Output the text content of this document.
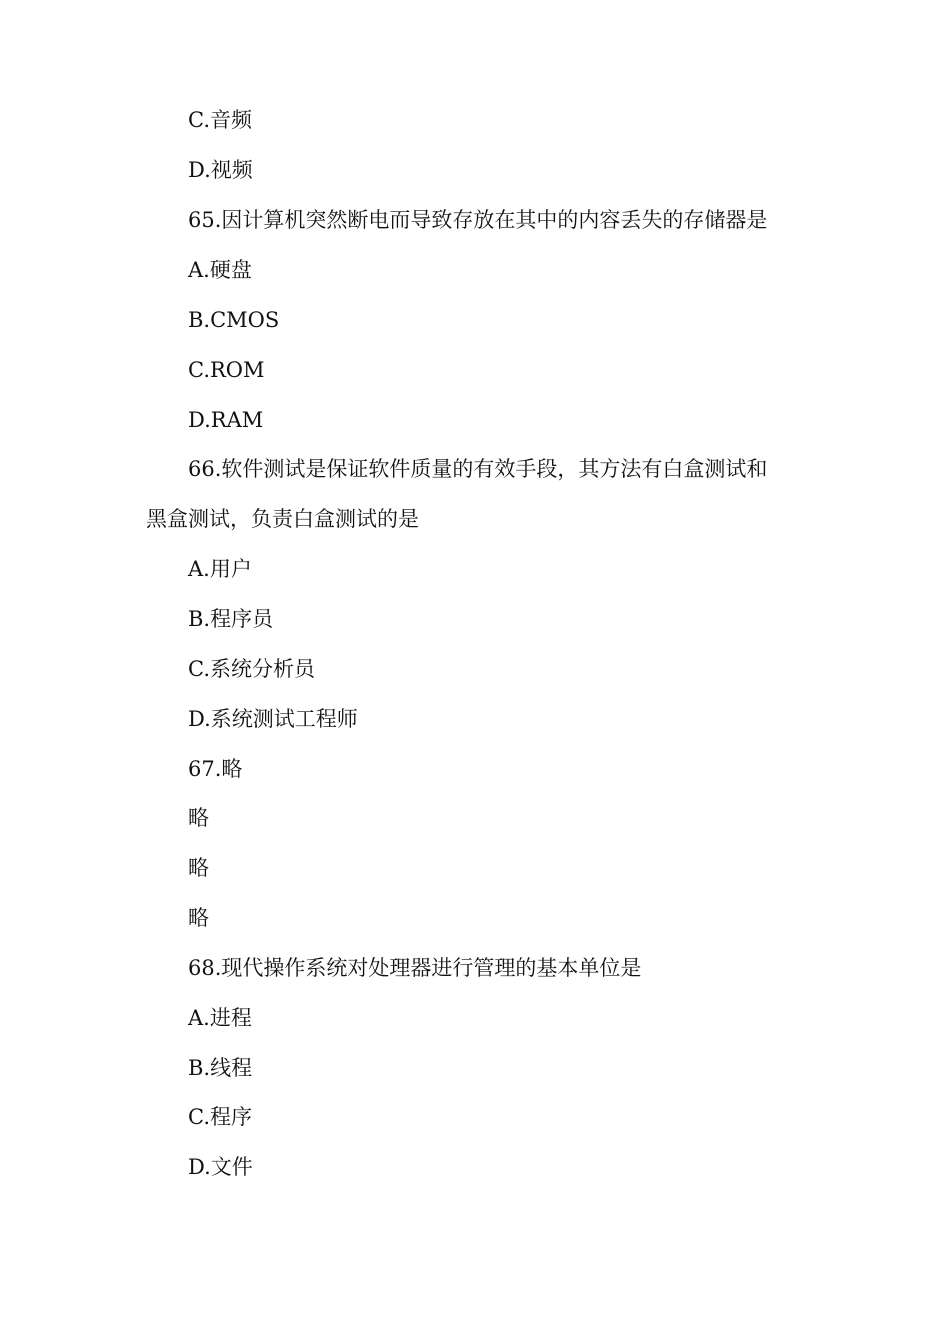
C.音频
D.视频
65.因计算机突然断电而导致存放在其中的内容丢失的存储器是
A.硬盘
B.CMOS
C.ROM
D.RAM
66.软件测试是保证软件质量的有效手段，其方法有白盒测试和
黑盒测试，负责白盒测试的是
A.用户
B.程序员
C.系统分析员
D.系统测试工程师
67.略
略
略
略
68.现代操作系统对处理器进行管理的基本单位是
A.进程
B.线程
C.程序
D.文件
